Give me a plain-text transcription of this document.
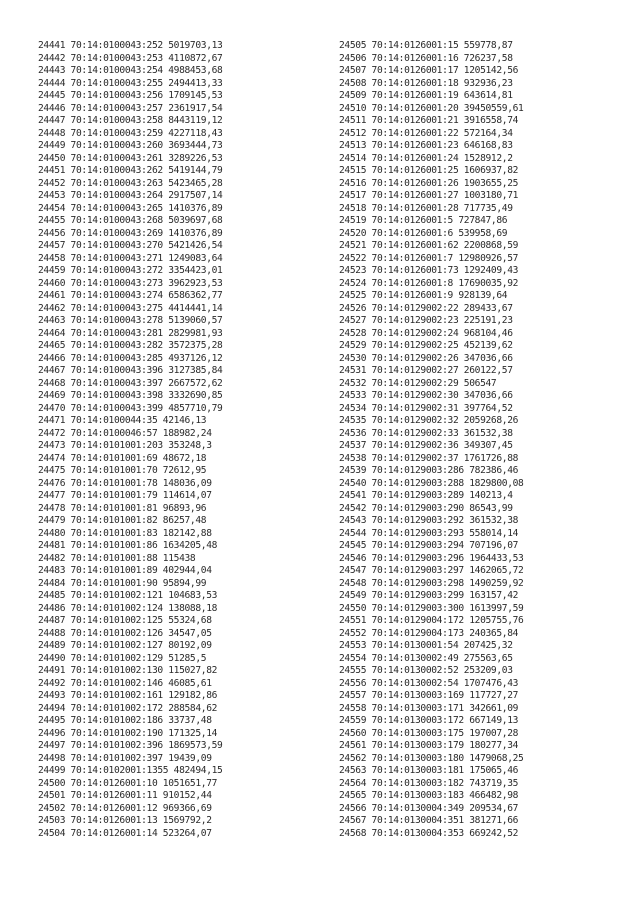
24441 70:14:0100043:252 5019703,13
24442 70:14:0100043:253 4110872,67
24443 70:14:0100043:254 4988453,68
24444 70:14:0100043:255 2494413,33
24445 70:14:0100043:256 1709145,53
24446 70:14:0100043:257 2361917,54
24447 70:14:0100043:258 8443119,12
24448 70:14:0100043:259 4227118,43
24449 70:14:0100043:260 3693444,73
24450 70:14:0100043:261 3289226,53
24451 70:14:0100043:262 5419144,79
24452 70:14:0100043:263 5423465,28
24453 70:14:0100043:264 2917507,14
24454 70:14:0100043:265 1410376,89
24455 70:14:0100043:268 5039697,68
24456 70:14:0100043:269 1410376,89
24457 70:14:0100043:270 5421426,54
24458 70:14:0100043:271 1249083,64
24459 70:14:0100043:272 3354423,01
24460 70:14:0100043:273 3962923,53
24461 70:14:0100043:274 6586362,77
24462 70:14:0100043:275 4414441,14
24463 70:14:0100043:278 5139060,57
24464 70:14:0100043:281 2829981,93
24465 70:14:0100043:282 3572375,28
24466 70:14:0100043:285 4937126,12
24467 70:14:0100043:396 3127385,84
24468 70:14:0100043:397 2667572,62
24469 70:14:0100043:398 3332690,85
24470 70:14:0100043:399 4857710,79
24471 70:14:0100044:35 42146,13
24472 70:14:0100046:57 188982,24
24473 70:14:0101001:203 353248,3
24474 70:14:0101001:69 48672,18
24475 70:14:0101001:70 72612,95
24476 70:14:0101001:78 148036,09
24477 70:14:0101001:79 114614,07
24478 70:14:0101001:81 96893,96
24479 70:14:0101001:82 86257,48
24480 70:14:0101001:83 182142,88
24481 70:14:0101001:86 1634205,48
24482 70:14:0101001:88 115438
24483 70:14:0101001:89 402944,04
24484 70:14:0101001:90 95894,99
24485 70:14:0101002:121 104683,53
24486 70:14:0101002:124 138088,18
24487 70:14:0101002:125 55324,68
24488 70:14:0101002:126 34547,05
24489 70:14:0101002:127 80192,09
24490 70:14:0101002:129 51285,5
24491 70:14:0101002:130 115027,82
24492 70:14:0101002:146 46085,61
24493 70:14:0101002:161 129182,86
24494 70:14:0101002:172 288584,62
24495 70:14:0101002:186 33737,48
24496 70:14:0101002:190 171325,14
24497 70:14:0101002:396 1869573,59
24498 70:14:0101002:397 19439,09
24499 70:14:0102001:1355 482494,15
24500 70:14:0126001:10 1051651,77
24501 70:14:0126001:11 910152,44
24502 70:14:0126001:12 969366,69
24503 70:14:0126001:13 1569792,2
24504 70:14:0126001:14 523264,07
24505 70:14:0126001:15 559778,87
24506 70:14:0126001:16 726237,58
24507 70:14:0126001:17 1205142,56
24508 70:14:0126001:18 932936,23
24509 70:14:0126001:19 643614,81
24510 70:14:0126001:20 39450559,61
24511 70:14:0126001:21 3916558,74
24512 70:14:0126001:22 572164,34
24513 70:14:0126001:23 646168,83
24514 70:14:0126001:24 1528912,2
24515 70:14:0126001:25 1606937,82
24516 70:14:0126001:26 1903655,25
24517 70:14:0126001:27 1003180,71
24518 70:14:0126001:28 717735,49
24519 70:14:0126001:5 727847,86
24520 70:14:0126001:6 539958,69
24521 70:14:0126001:62 2200868,59
24522 70:14:0126001:7 12980926,57
24523 70:14:0126001:73 1292409,43
24524 70:14:0126001:8 17690035,92
24525 70:14:0126001:9 928139,64
24526 70:14:0129002:22 289433,67
24527 70:14:0129002:23 225191,23
24528 70:14:0129002:24 968104,46
24529 70:14:0129002:25 452139,62
24530 70:14:0129002:26 347036,66
24531 70:14:0129002:27 260122,57
24532 70:14:0129002:29 506547
24533 70:14:0129002:30 347036,66
24534 70:14:0129002:31 397764,52
24535 70:14:0129002:32 2059268,26
24536 70:14:0129002:33 361532,38
24537 70:14:0129002:36 349307,45
24538 70:14:0129002:37 1761726,88
24539 70:14:0129003:286 782386,46
24540 70:14:0129003:288 1829800,08
24541 70:14:0129003:289 140213,4
24542 70:14:0129003:290 86543,99
24543 70:14:0129003:292 361532,38
24544 70:14:0129003:293 558014,14
24545 70:14:0129003:294 707196,07
24546 70:14:0129003:296 1964433,53
24547 70:14:0129003:297 1462065,72
24548 70:14:0129003:298 1490259,92
24549 70:14:0129003:299 163157,42
24550 70:14:0129003:300 1613997,59
24551 70:14:0129004:172 1205755,76
24552 70:14:0129004:173 240365,84
24553 70:14:0130001:54 207425,32
24554 70:14:0130002:49 275563,65
24555 70:14:0130002:52 253209,03
24556 70:14:0130002:54 1707476,43
24557 70:14:0130003:169 117727,27
24558 70:14:0130003:171 342661,09
24559 70:14:0130003:172 667149,13
24560 70:14:0130003:175 197007,28
24561 70:14:0130003:179 180277,34
24562 70:14:0130003:180 1479068,25
24563 70:14:0130003:181 175065,46
24564 70:14:0130003:182 743719,35
24565 70:14:0130003:183 466482,98
24566 70:14:0130004:349 209534,67
24567 70:14:0130004:351 381271,66
24568 70:14:0130004:353 669242,52
